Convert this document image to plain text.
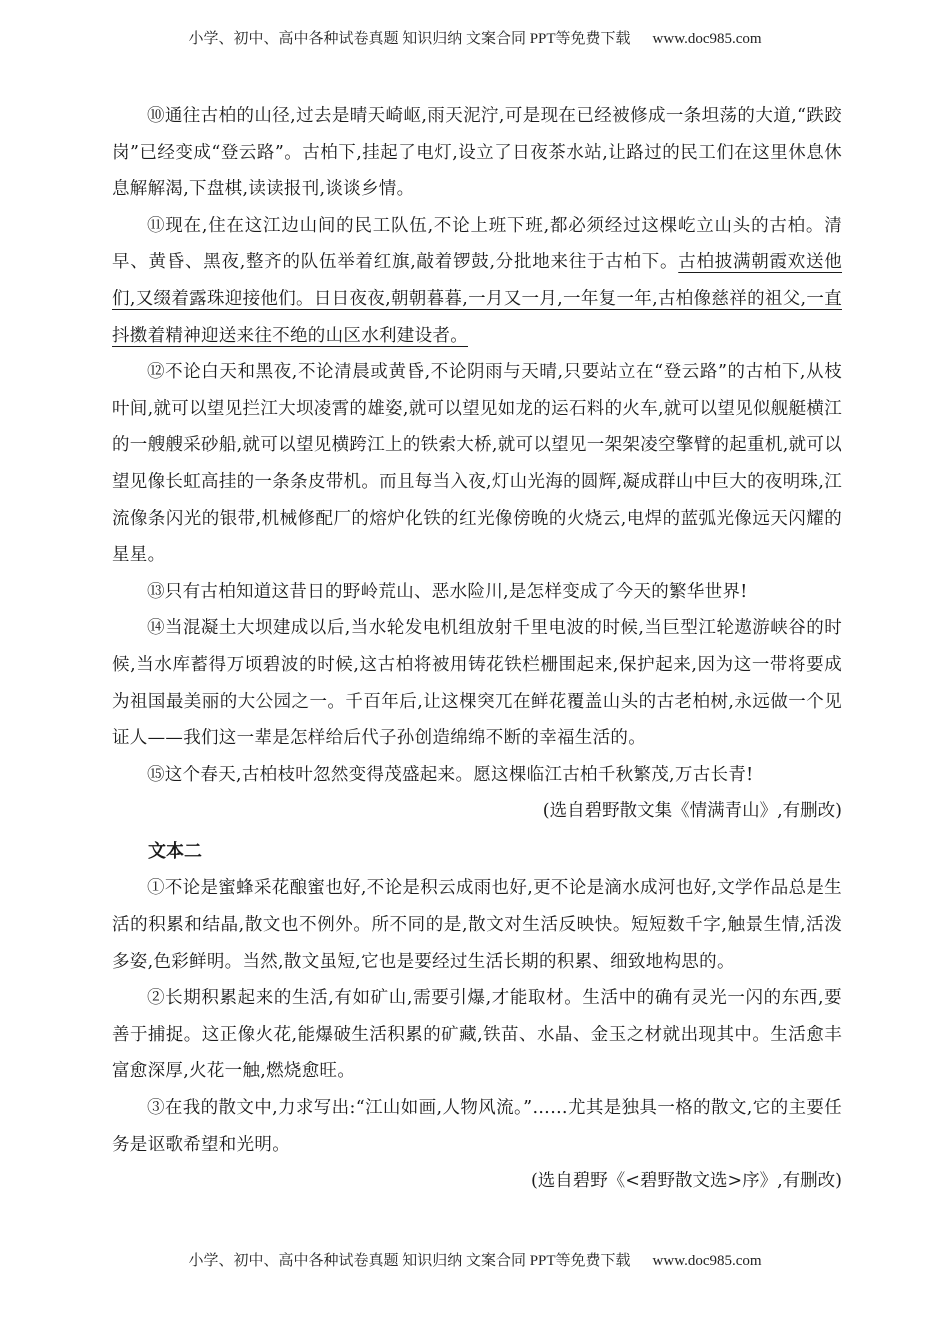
小学、初中、高中各种试卷真题 知识归纳 文案合同 PPT等免费下载 www.doc985.com

⑩通往古柏的山径,过去是晴天崎岖,雨天泥泞,可是现在已经被修成一条坦荡的大道,“跌跤岗”已经变成“登云路”。古柏下,挂起了电灯,设立了日夜茶水站,让路过的民工们在这里休息休息解解渴,下盘棋,读读报刊,谈谈乡情。

⑪现在,住在这江边山间的民工队伍,不论上班下班,都必须经过这棵屹立山头的古柏。清早、黄昏、黑夜,整齐的队伍举着红旗,敲着锣鼓,分批地来往于古柏下。古柏披满朝霞欢送他们,又缀着露珠迎接他们。日日夜夜,朝朝暮暮,一月又一月,一年复一年,古柏像慈祥的祖父,一直抖擞着精神迎送来往不绝的山区水利建设者。

⑫不论白天和黑夜,不论清晨或黄昏,不论阴雨与天晴,只要站立在“登云路”的古柏下,从枝叶间,就可以望见拦江大坝凌霄的雄姿,就可以望见如龙的运石料的火车,就可以望见似舰艇横江的一艘艘采砂船,就可以望见横跨江上的铁索大桥,就可以望见一架架凌空擎臂的起重机,就可以望见像长虹高挂的一条条皮带机。而且每当入夜,灯山光海的圆辉,凝成群山中巨大的夜明珠,江流像条闪光的银带,机械修配厂的熔炉化铁的红光像傍晚的火烧云,电焊的蓝弧光像远天闪耀的星星。

⑬只有古柏知道这昔日的野岭荒山、恶水险川,是怎样变成了今天的繁华世界!

⑭当混凝土大坝建成以后,当水轮发电机组放射千里电波的时候,当巨型江轮遨游峡谷的时候,当水库蓄得万顷碧波的时候,这古柏将被用铸花铁栏栅围起来,保护起来,因为这一带将要成为祖国最美丽的大公园之一。千百年后,让这棵突兀在鲜花覆盖山头的古老柏树,永远做一个见证人——我们这一辈是怎样给后代子孙创造绵绵不断的幸福生活的。

⑮这个春天,古柏枝叶忽然变得茂盛起来。愿这棵临江古柏千秋繁茂,万古长青!

(选自碧野散文集《情满青山》,有删改)

文本二

①不论是蜜蜂采花酿蜜也好,不论是积云成雨也好,更不论是滴水成河也好,文学作品总是生活的积累和结晶,散文也不例外。所不同的是,散文对生活反映快。短短数千字,触景生情,活泼多姿,色彩鲜明。当然,散文虽短,它也是要经过生活长期的积累、细致地构思的。

②长期积累起来的生活,有如矿山,需要引爆,才能取材。生活中的确有灵光一闪的东西,要善于捕捉。这正像火花,能爆破生活积累的矿藏,铁苗、水晶、金玉之材就出现其中。生活愈丰富愈深厚,火花一触,燃烧愈旺。

③在我的散文中,力求写出:“江山如画,人物风流。”……尤其是独具一格的散文,它的主要任务是讴歌希望和光明。

(选自碧野《<碧野散文选>序》,有删改)

小学、初中、高中各种试卷真题 知识归纳 文案合同 PPT等免费下载 www.doc985.com
